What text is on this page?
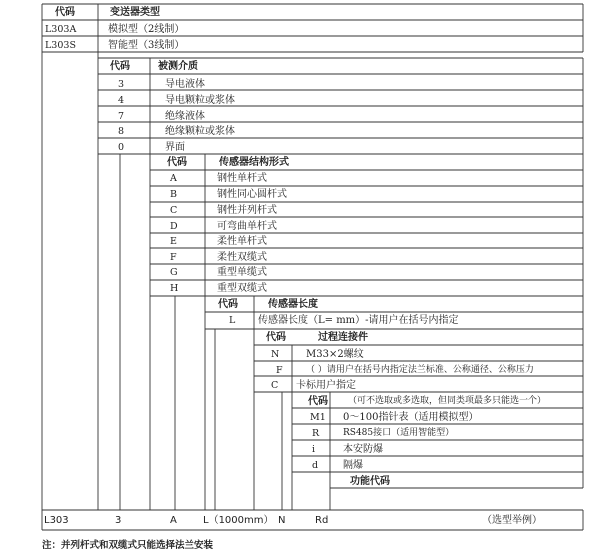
代码	变送器类型
L303A	模拟型（2线制）
L303S	智能型（3线制）
代码	被测介质
3	导电液体
4	导电颗粒或浆体
7	绝缘液体
8	绝缘颗粒或浆体
0	界面
代码	传感器结构形式
A	钢性单杆式
B	钢性同心圆杆式
C	钢性并列杆式
D	可弯曲单杆式
E	柔性单杆式
F	柔性双缆式
G	重型单缆式
H	重型双缆式
代码	传感器长度
L 传感器长度（L= mm）-请用户在括号内指定
代码	过程连接件
N	M33×2螺纹
F	（ ）请用户在括号内指定法兰标准、公称通径、公称压力
C 卡标用户指定
代码 （可不选取或多选取，但同类项最多只能选一个）
M1 0～100指针表（适用模拟型）
R	RS485接口（适用智能型）
i	本安防爆
d 隔爆
功能代码
L303	3	A	L（1000mm） N	Rd	（选型举例）
注：并列杆式和双缆式只能选择法兰安装
